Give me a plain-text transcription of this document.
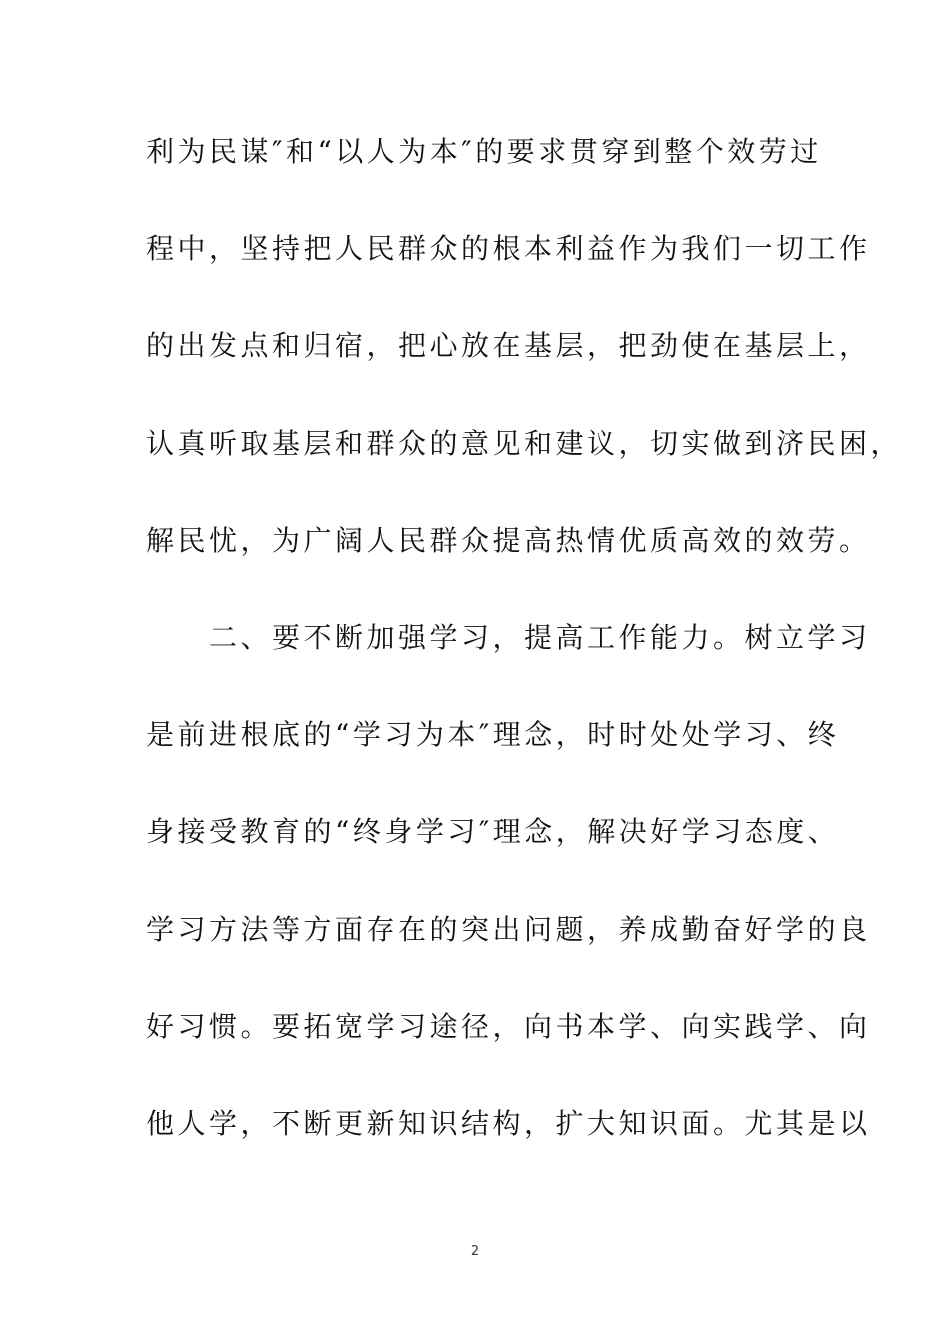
利为民谋″和“以人为本″的要求贯穿到整个效劳过
程中，坚持把人民群众的根本利益作为我们一切工作
的出发点和归宿，把心放在基层，把劲使在基层上，
认真听取基层和群众的意见和建议，切实做到济民困，
解民忧，为广阔人民群众提高热情优质高效的效劳。
　　二、要不断加强学习，提高工作能力。树立学习
是前进根底的“学习为本″理念，时时处处学习、终
身接受教育的“终身学习″理念，解决好学习态度、
学习方法等方面存在的突出问题，养成勤奋好学的良
好习惯。要拓宽学习途径，向书本学、向实践学、向
他人学，不断更新知识结构，扩大知识面。尤其是以
2
